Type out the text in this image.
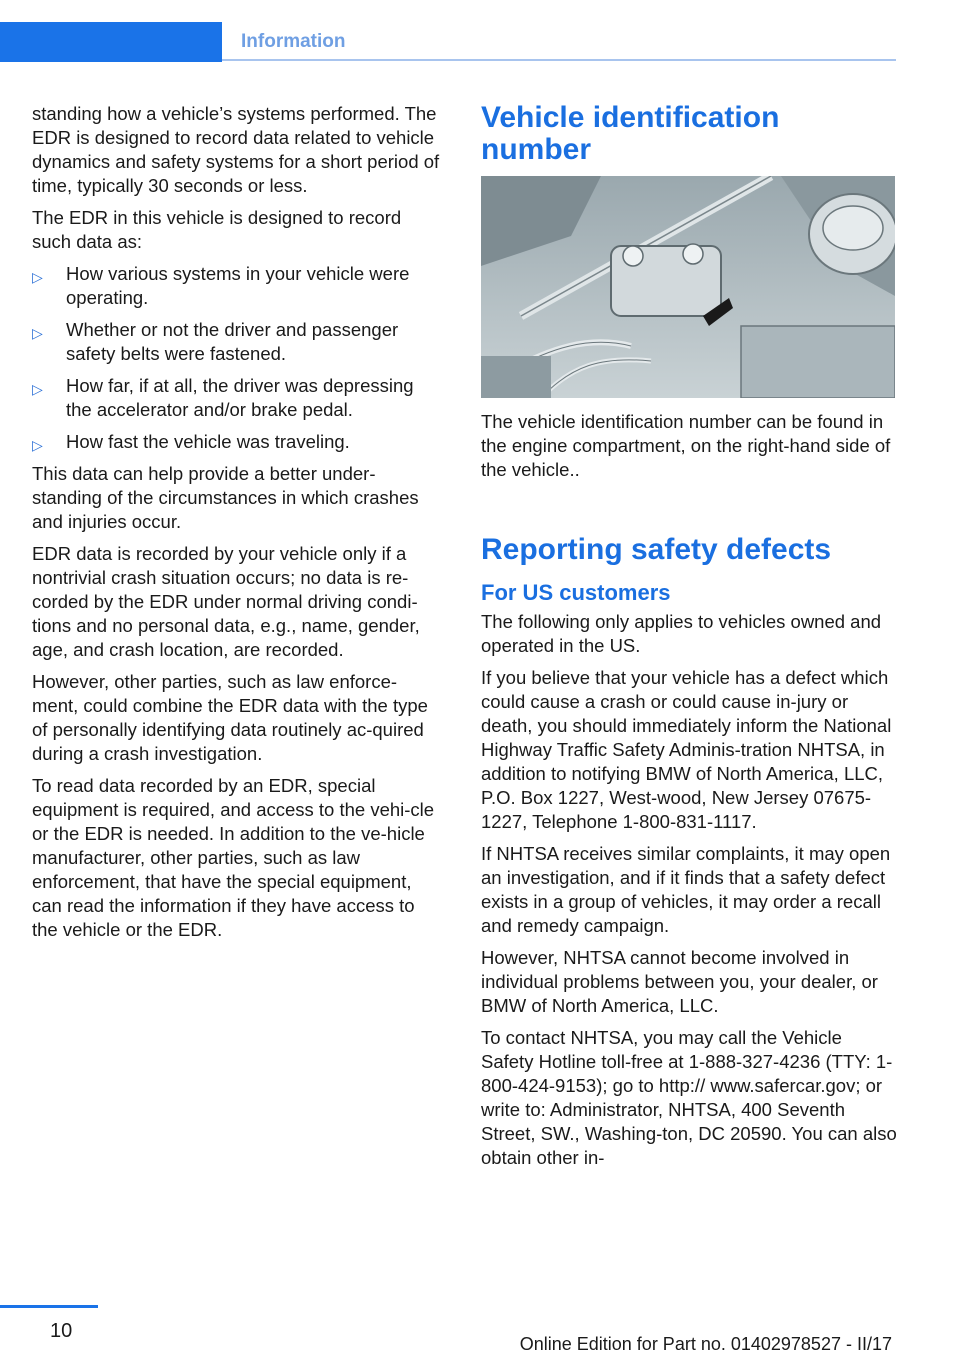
Information

standing how a vehicle’s systems performed. The EDR is designed to record data related to vehicle dynamics and safety systems for a short period of time, typically 30 seconds or less.

The EDR in this vehicle is designed to record such data as:

▷ How various systems in your vehicle were operating.
▷ Whether or not the driver and passenger safety belts were fastened.
▷ How far, if at all, the driver was depressing the accelerator and/or brake pedal.
▷ How fast the vehicle was traveling.

This data can help provide a better under‐standing of the circumstances in which crashes and injuries occur.

EDR data is recorded by your vehicle only if a nontrivial crash situation occurs; no data is re‐corded by the EDR under normal driving condi‐tions and no personal data, e.g., name, gender, age, and crash location, are recorded.

However, other parties, such as law enforce‐ment, could combine the EDR data with the type of personally identifying data routinely ac‐quired during a crash investigation.

To read data recorded by an EDR, special equipment is required, and access to the vehi‐cle or the EDR is needed. In addition to the ve‐hicle manufacturer, other parties, such as law enforcement, that have the special equipment, can read the information if they have access to the vehicle or the EDR.

Vehicle identification number

The vehicle identification number can be found in the engine compartment, on the right-hand side of the vehicle..

Reporting safety defects
For US customers

The following only applies to vehicles owned and operated in the US.

If you believe that your vehicle has a defect which could cause a crash or could cause in‐jury or death, you should immediately inform the National Highway Traffic Safety Adminis‐tration NHTSA, in addition to notifying BMW of North America, LLC, P.O. Box 1227, West‐wood, New Jersey 07675-1227, Telephone 1-800-831-1117.

If NHTSA receives similar complaints, it may open an investigation, and if it finds that a safety defect exists in a group of vehicles, it may order a recall and remedy campaign.

However, NHTSA cannot become involved in individual problems between you, your dealer, or BMW of North America, LLC.

To contact NHTSA, you may call the Vehicle Safety Hotline toll-free at 1-888-327-4236 (TTY: 1-800-424-9153); go to http:// www.safercar.gov; or write to: Administrator, NHTSA, 400 Seventh Street, SW., Washing‐ton, DC 20590. You can also obtain other in‐

10
Online Edition for Part no. 01402978527 - II/17
